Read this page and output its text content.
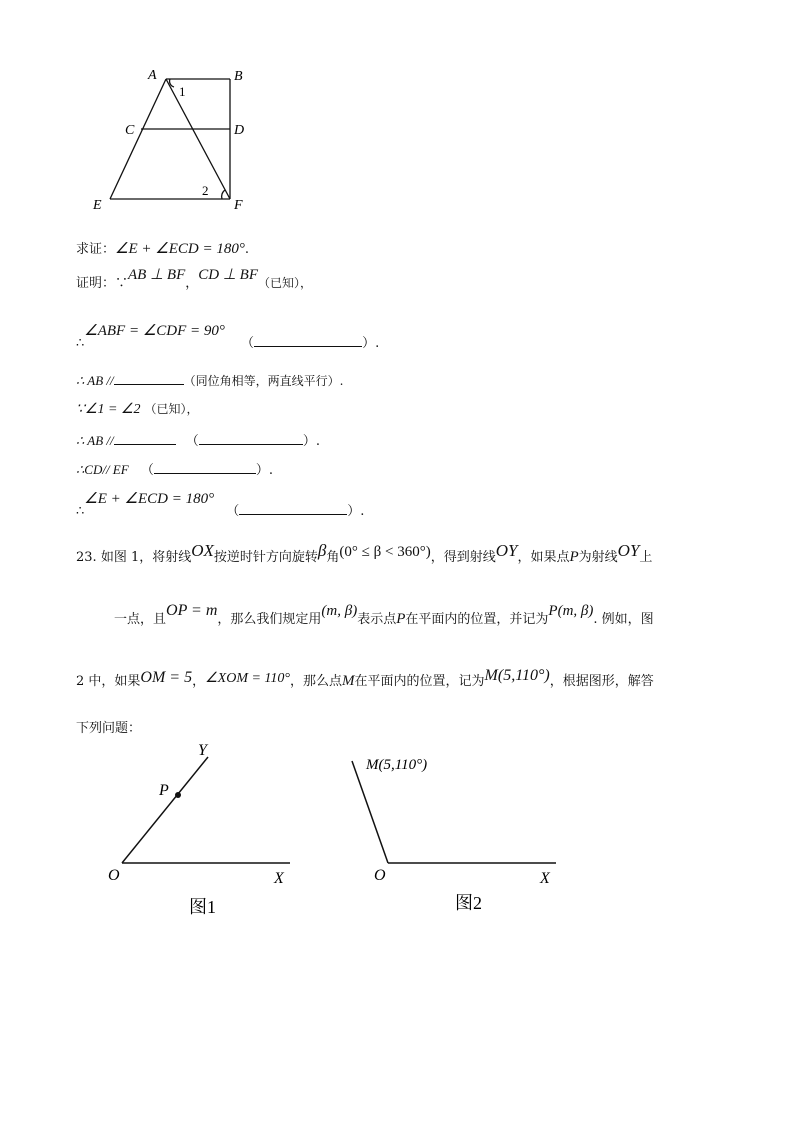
A	B
C	D
E	F
1
2
求证：∠E + ∠ECD = 180°.
证明：∵AB ⊥ BF，CD ⊥ BF（已知），
∴∠ABF = ∠CDF = 90° （	）.
∴ AB //	（同位角相等，两直线平行）.
∵∠1 = ∠2 （已知），
∴ AB //	（	）.
∴CD// EF （	）.
∴∠E + ∠ECD = 180° （	）.
23. 如图 1，将射线OX按逆时针方向旋转β角(0° ≤ β < 360°)，得到射线OY，如果点P为射线OY上
一点，且OP = m，那么我们规定用(m, β)表示点P在平面内的位置，并记为P(m, β). 例如，图
2 中，如果OM = 5，∠XOM = 110°，那么点M在平面内的位置，记为M(5,110°)，根据图形，解答
下列问题：
Y
P
O	X
图1
M(5,110°)
O	X
图2
